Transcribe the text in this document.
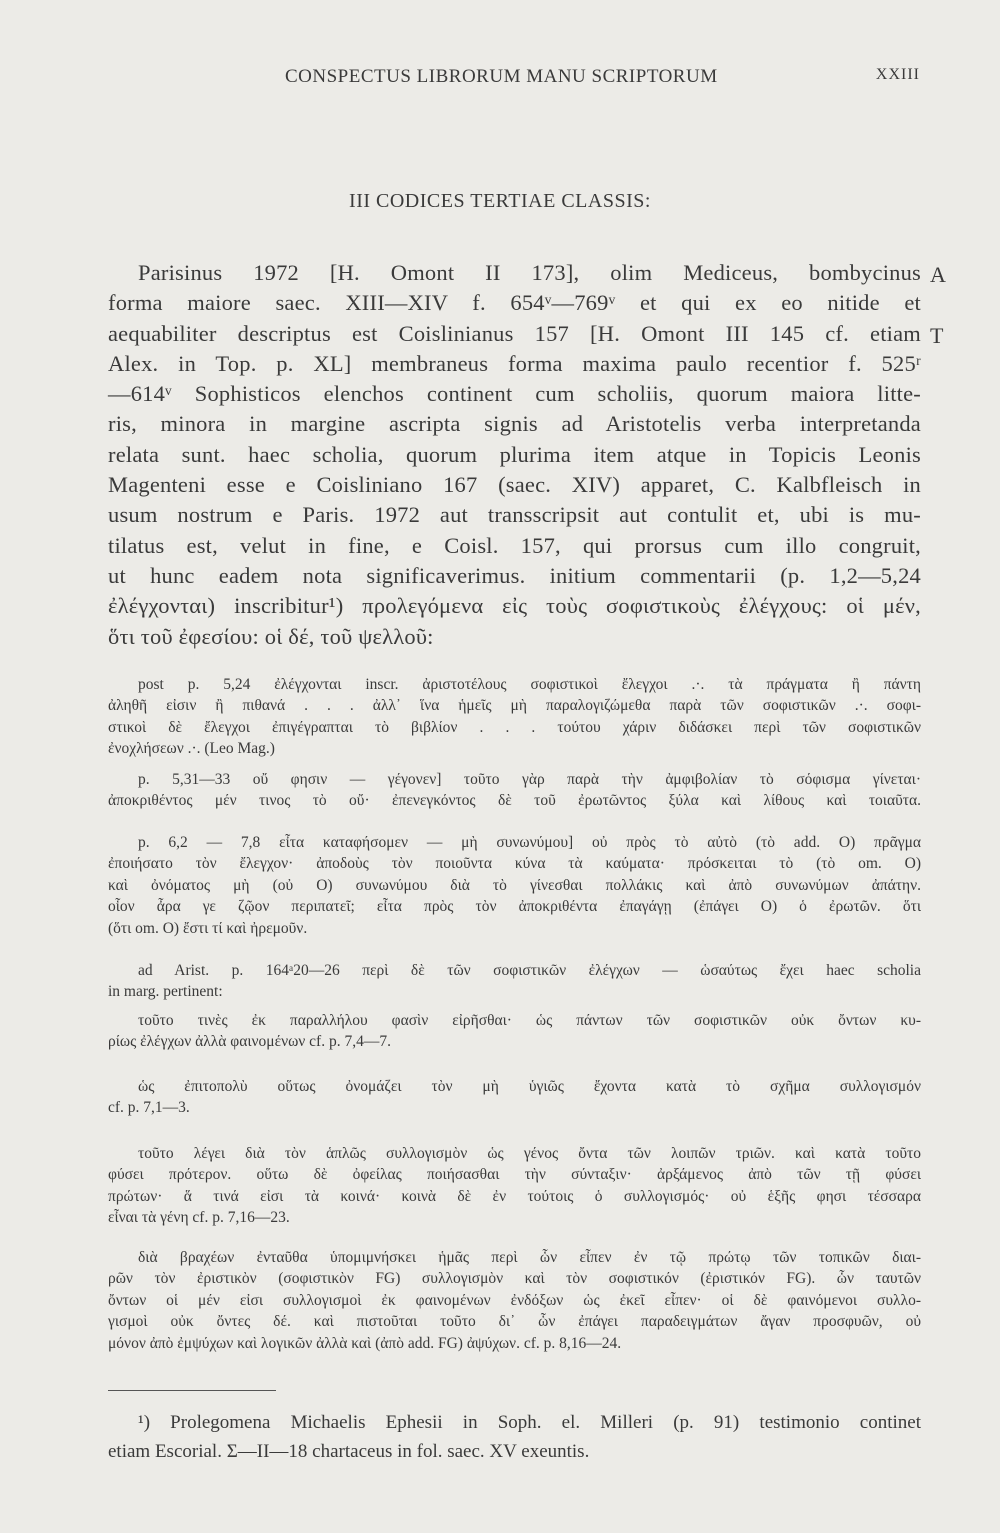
CONSPECTUS LIBRORUM MANU SCRIPTORUM	XXIII
III CODICES TERTIAE CLASSIS:
A
T
Parisinus 1972 [H. Omont II 173], olim Mediceus, bombycinus
forma maiore saec. XIII—XIV f. 654ᵛ—769ᵛ et qui ex eo nitide et
aequabiliter descriptus est Coislinianus 157 [H. Omont III 145 cf. etiam
Alex. in Top. p. XL] membraneus forma maxima paulo recentior f. 525ʳ
—614ᵛ Sophisticos elenchos continent cum scholiis, quorum maiora litte-
ris, minora in margine ascripta signis ad Aristotelis verba interpretanda
relata sunt. haec scholia, quorum plurima item atque in Topicis Leonis
Magenteni esse e Coisliniano 167 (saec. XIV) apparet, C. Kalbfleisch in
usum nostrum e Paris. 1972 aut transscripsit aut contulit et, ubi is mu-
tilatus est, velut in fine, e Coisl. 157, qui prorsus cum illo congruit,
ut hunc eadem nota significaverimus. initium commentarii (p. 1,2—5,24
ἐλέγχονται) inscribitur¹) προλεγόμενα εἰς τοὺς σοφιστικοὺς ἐλέγχους: οἱ μέν,
ὅτι τοῦ ἐφεσίου: οἱ δέ, τοῦ ψελλοῦ:
post p. 5,24 ἐλέγχονται inscr. ἀριστοτέλους σοφιστικοὶ ἔλεγχοι .·. τὰ πράγματα ἢ πάντη
ἀληθῆ εἰσιν ἢ πιθανά . . . ἀλλ᾽ ἵνα ἡμεῖς μὴ παραλογιζώμεθα παρὰ τῶν σοφιστικῶν .·. σοφι-
στικοὶ δὲ ἔλεγχοι ἐπιγέγραπται τὸ βιβλίον . . . τούτου χάριν διδάσκει περὶ τῶν σοφιστικῶν
ἐνοχλήσεων .·. (Leo Mag.)
p. 5,31—33 οὔ φησιν — γέγονεν] τοῦτο γὰρ παρὰ τὴν ἀμφιβολίαν τὸ σόφισμα γίνεται·
ἀποκριθέντος μέν τινος τὸ οὔ· ἐπενεγκόντος δὲ τοῦ ἐρωτῶντος ξύλα καὶ λίθους καὶ τοιαῦτα.
p. 6,2 — 7,8 εἶτα καταφήσομεν — μὴ συνωνύμου] οὐ πρὸς τὸ αὐτὸ (τὸ add. O) πρᾶγμα
ἐποιήσατο τὸν ἔλεγχον· ἀποδοὺς τὸν ποιοῦντα κύνα τὰ καύματα· πρόσκειται τὸ (τὸ om. O)
καὶ ὀνόματος μὴ (οὐ O) συνωνύμου διὰ τὸ γίνεσθαι πολλάκις καὶ ἀπὸ συνωνύμων ἀπάτην.
οἷον ἆρα γε ζῷον περιπατεῖ; εἶτα πρὸς τὸν ἀποκριθέντα ἐπαγάγῃ (ἐπάγει O) ὁ ἐρωτῶν. ὅτι
(ὅτι om. O) ἔστι τί καὶ ἠρεμοῦν.
ad Arist. p. 164ᵃ20—26 περὶ δὲ τῶν σοφιστικῶν ἐλέγχων — ὡσαύτως ἔχει haec scholia
in marg. pertinent:
τοῦτο τινὲς ἐκ παραλλήλου φασὶν εἰρῆσθαι· ὡς πάντων τῶν σοφιστικῶν οὐκ ὄντων κυ-
ρίως ἐλέγχων ἀλλὰ φαινομένων cf. p. 7,4—7.
ὡς ἐπιτοπολὺ οὕτως ὀνομάζει τὸν μὴ ὑγιῶς ἔχοντα κατὰ τὸ σχῆμα συλλογισμόν
cf. p. 7,1—3.
τοῦτο λέγει διὰ τὸν ἁπλῶς συλλογισμὸν ὡς γένος ὄντα τῶν λοιπῶν τριῶν. καὶ κατὰ τοῦτο
φύσει πρότερον. οὕτω δὲ ὀφείλας ποιήσασθαι τὴν σύνταξιν· ἀρξάμενος ἀπὸ τῶν τῇ φύσει
πρώτων· ἅ τινά εἰσι τὰ κοινά· κοινὰ δὲ ἐν τούτοις ὁ συλλογισμός· οὐ ἑξῆς φησι τέσσαρα
εἶναι τὰ γένη cf. p. 7,16—23.
διὰ βραχέων ἐνταῦθα ὑπομιμνήσκει ἡμᾶς περὶ ὧν εἶπεν ἐν τῷ πρώτῳ τῶν τοπικῶν διαι-
ρῶν τὸν ἐριστικὸν (σοφιστικὸν FG) συλλογισμὸν καὶ τὸν σοφιστικόν (ἐριστικόν FG). ὧν ταυτῶν
ὄντων οἱ μέν εἰσι συλλογισμοὶ ἐκ φαινομένων ἐνδόξων ὡς ἐκεῖ εἶπεν· οἱ δὲ φαινόμενοι συλλο-
γισμοὶ οὐκ ὄντες δέ. καὶ πιστοῦται τοῦτο δι᾽ ὧν ἐπάγει παραδειγμάτων ἄγαν προσφυῶν, οὐ
μόνον ἀπὸ ἐμψύχων καὶ λογικῶν ἀλλὰ καὶ (ἀπὸ add. FG) ἀψύχων. cf. p. 8,16—24.
¹) Prolegomena Michaelis Ephesii in Soph. el. Milleri (p. 91) testimonio continet
etiam Escorial. Σ—II—18 chartaceus in fol. saec. XV exeuntis.
